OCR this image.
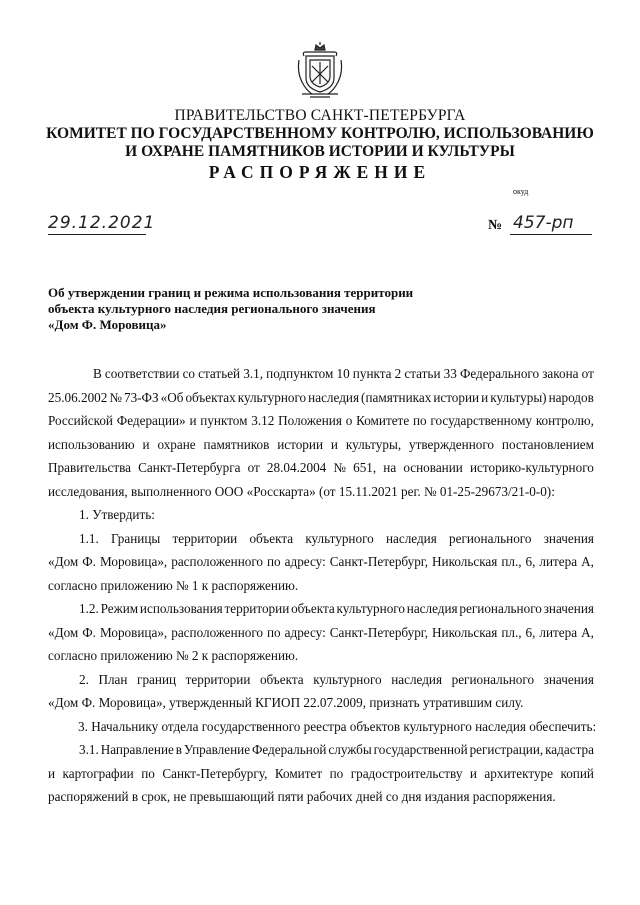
ПРАВИТЕЛЬСТВО САНКТ-ПЕТЕРБУРГА
КОМИТЕТ ПО ГОСУДАРСТВЕННОМУ КОНТРОЛЮ, ИСПОЛЬЗОВАНИЮ
И ОХРАНЕ ПАМЯТНИКОВ ИСТОРИИ И КУЛЬТУРЫ
РАСПОРЯЖЕНИЕ
окуд
29.12.2021	№ 457-рп
Об утверждении границ и режима использования территории
объекта культурного наследия регионального значения
«Дом Ф. Моровица»
В соответствии со статьей 3.1, подпунктом 10 пункта 2 статьи 33 Федерального закона от
25.06.2002 № 73-ФЗ «Об объектах культурного наследия (памятниках истории и культуры) народов
Российской Федерации» и пунктом 3.12 Положения о Комитете по государственному контролю,
использованию и охране памятников истории и культуры, утвержденного постановлением
Правительства Санкт-Петербурга от 28.04.2004 № 651, на основании историко-культурного
исследования, выполненного ООО «Росскарта» (от 15.11.2021 рег. № 01-25-29673/21-0-0):
1. Утвердить:
1.1. Границы территории объекта культурного наследия регионального значения
«Дом Ф. Моровица», расположенного по адресу: Санкт-Петербург, Никольская пл., 6, литера А,
согласно приложению № 1 к распоряжению.
1.2. Режим использования территории объекта культурного наследия регионального значения
«Дом Ф. Моровица», расположенного по адресу: Санкт-Петербург, Никольская пл., 6, литера А,
согласно приложению № 2 к распоряжению.
2. План границ территории объекта культурного наследия регионального значения
«Дом Ф. Моровица», утвержденный КГИОП 22.07.2009, признать утратившим силу.
3. Начальнику отдела государственного реестра объектов культурного наследия обеспечить:
3.1. Направление в Управление Федеральной службы государственной регистрации, кадастра
и картографии по Санкт-Петербургу, Комитет по градостроительству и архитектуре копий
распоряжений в срок, не превышающий пяти рабочих дней со дня издания распоряжения.
